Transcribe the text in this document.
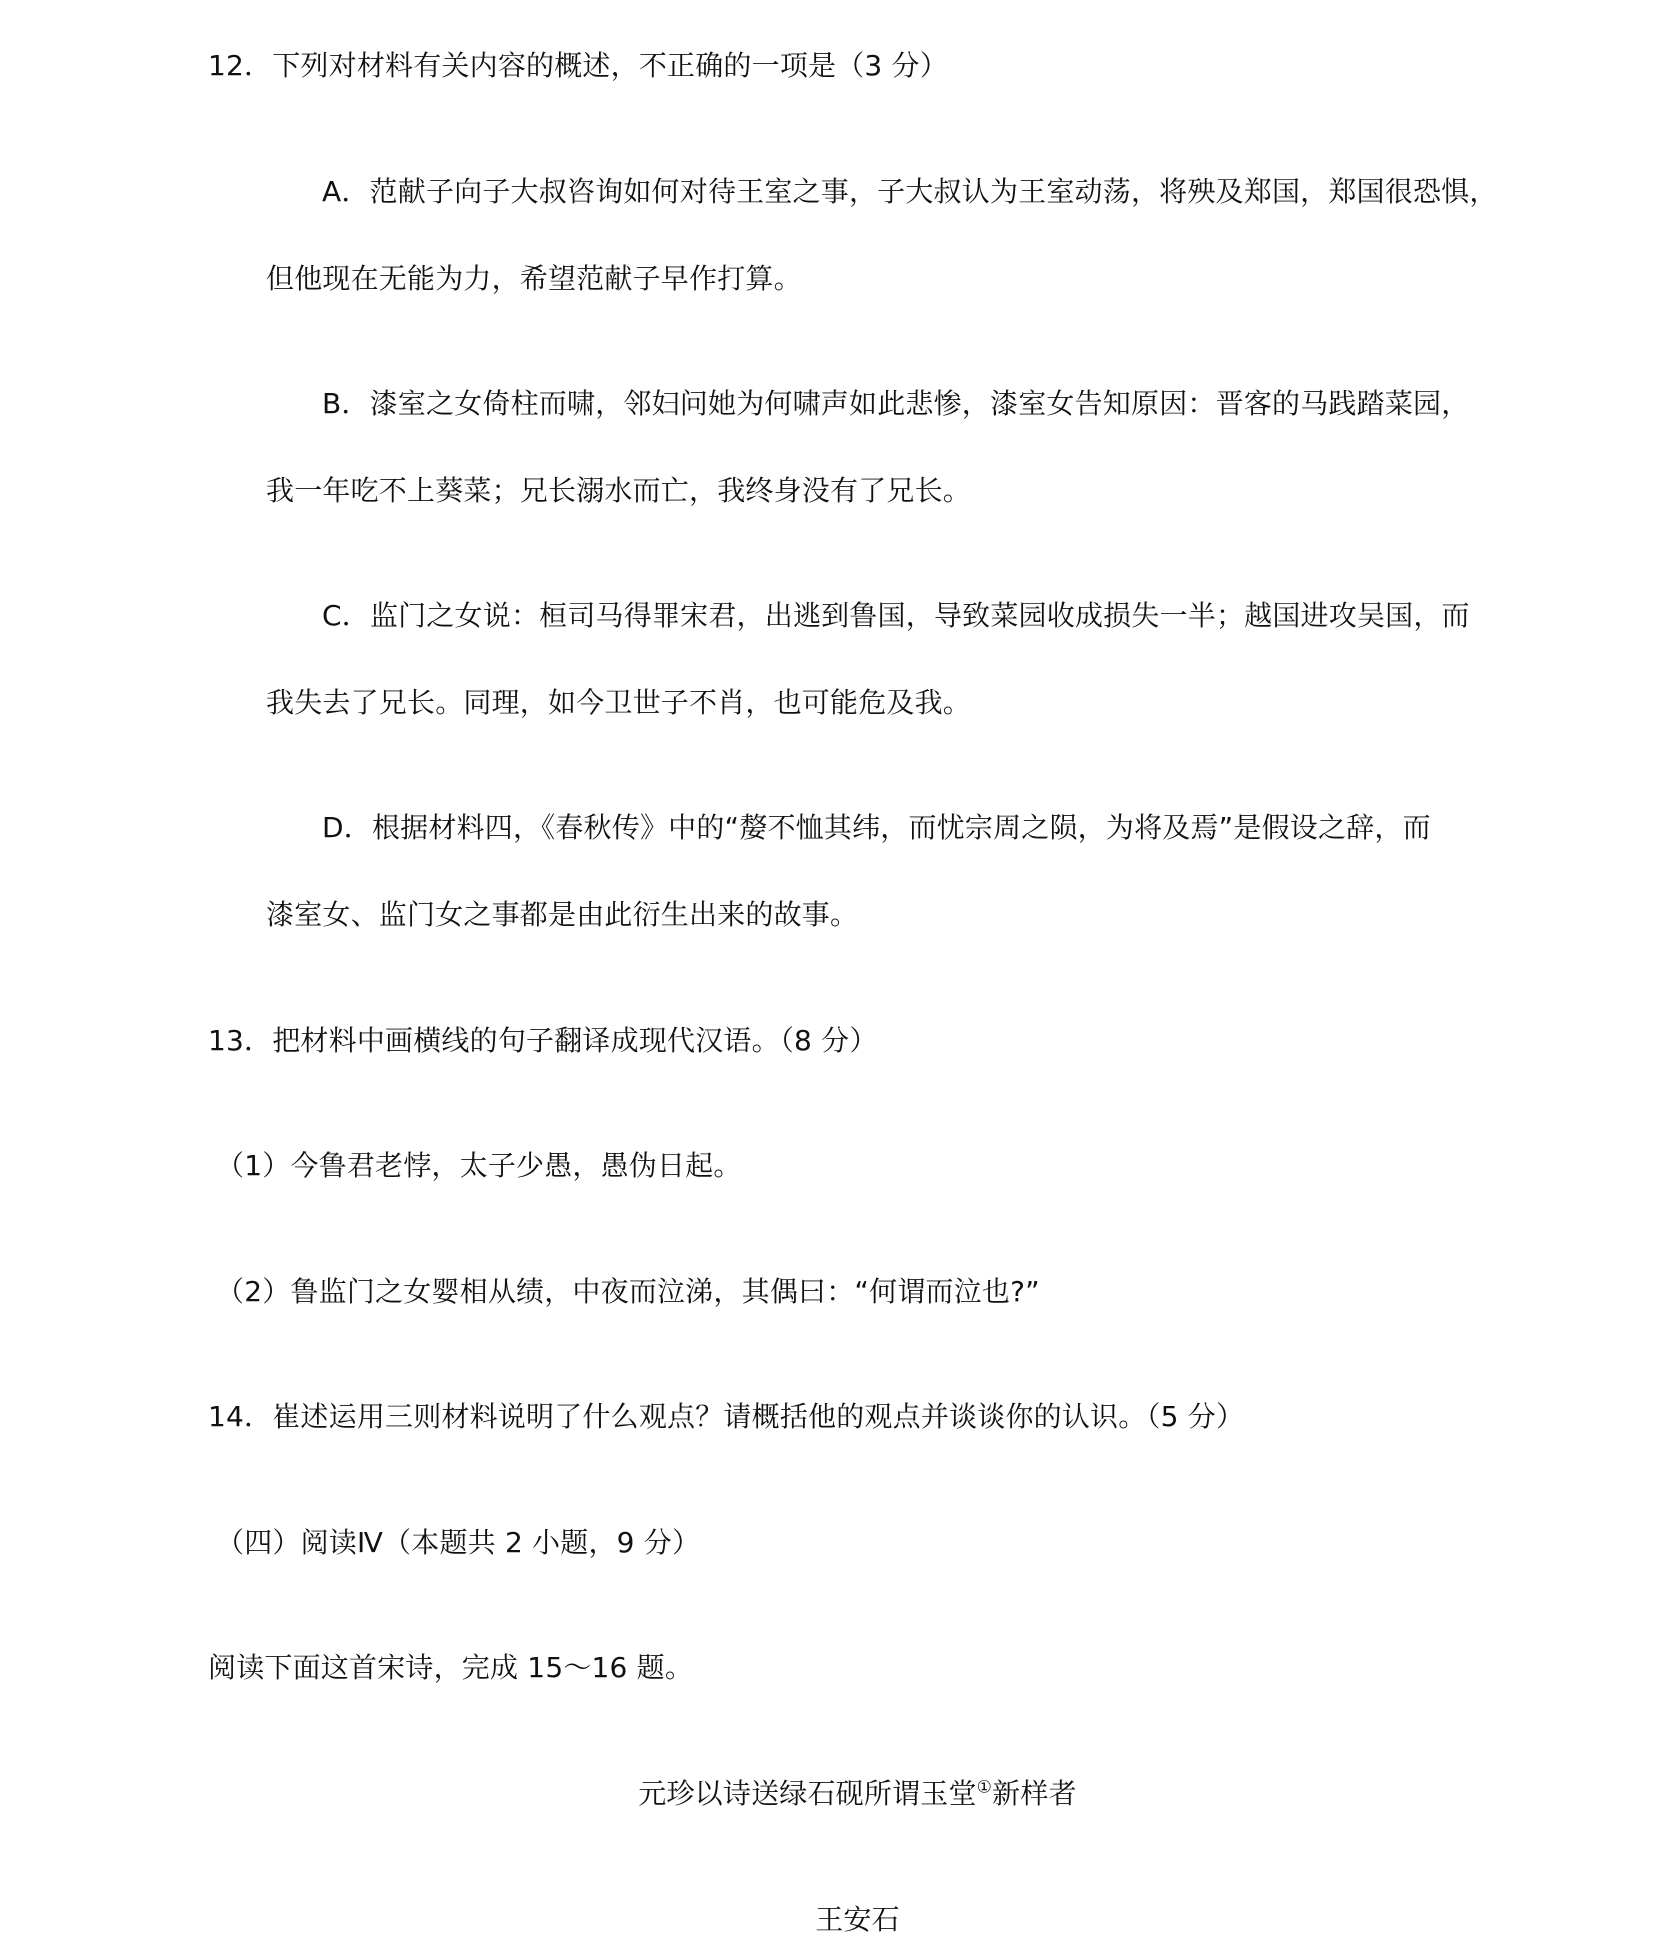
12．下列对材料有关内容的概述，不正确的一项是（3 分）
A．范献子向子大叔咨询如何对待王室之事，子大叔认为王室动荡，将殃及郑国，郑国很恐惧，
但他现在无能为力，希望范献子早作打算。
B．漆室之女倚柱而啸，邻妇问她为何啸声如此悲惨，漆室女告知原因：晋客的马践踏菜园，
我一年吃不上葵菜；兄长溺水而亡，我终身没有了兄长。
C．监门之女说：桓司马得罪宋君，出逃到鲁国，导致菜园收成损失一半；越国进攻吴国，而
我失去了兄长。同理，如今卫世子不肖，也可能危及我。
D．根据材料四，《春秋传》中的“嫠不恤其纬，而忧宗周之陨，为将及焉”是假设之辞，而
漆室女、监门女之事都是由此衍生出来的故事。
13．把材料中画横线的句子翻译成现代汉语。（8 分）
（1）今鲁君老悖，太子少愚，愚伪日起。
（2）鲁监门之女婴相从绩，中夜而泣涕，其偶曰：“何谓而泣也?”
14．崔述运用三则材料说明了什么观点？请概括他的观点并谈谈你的认识。（5 分）
（四）阅读Ⅳ（本题共 2 小题，9 分）
阅读下面这首宋诗，完成 15～16 题。
元珍以诗送绿石砚所谓玉堂①新样者
王安石
